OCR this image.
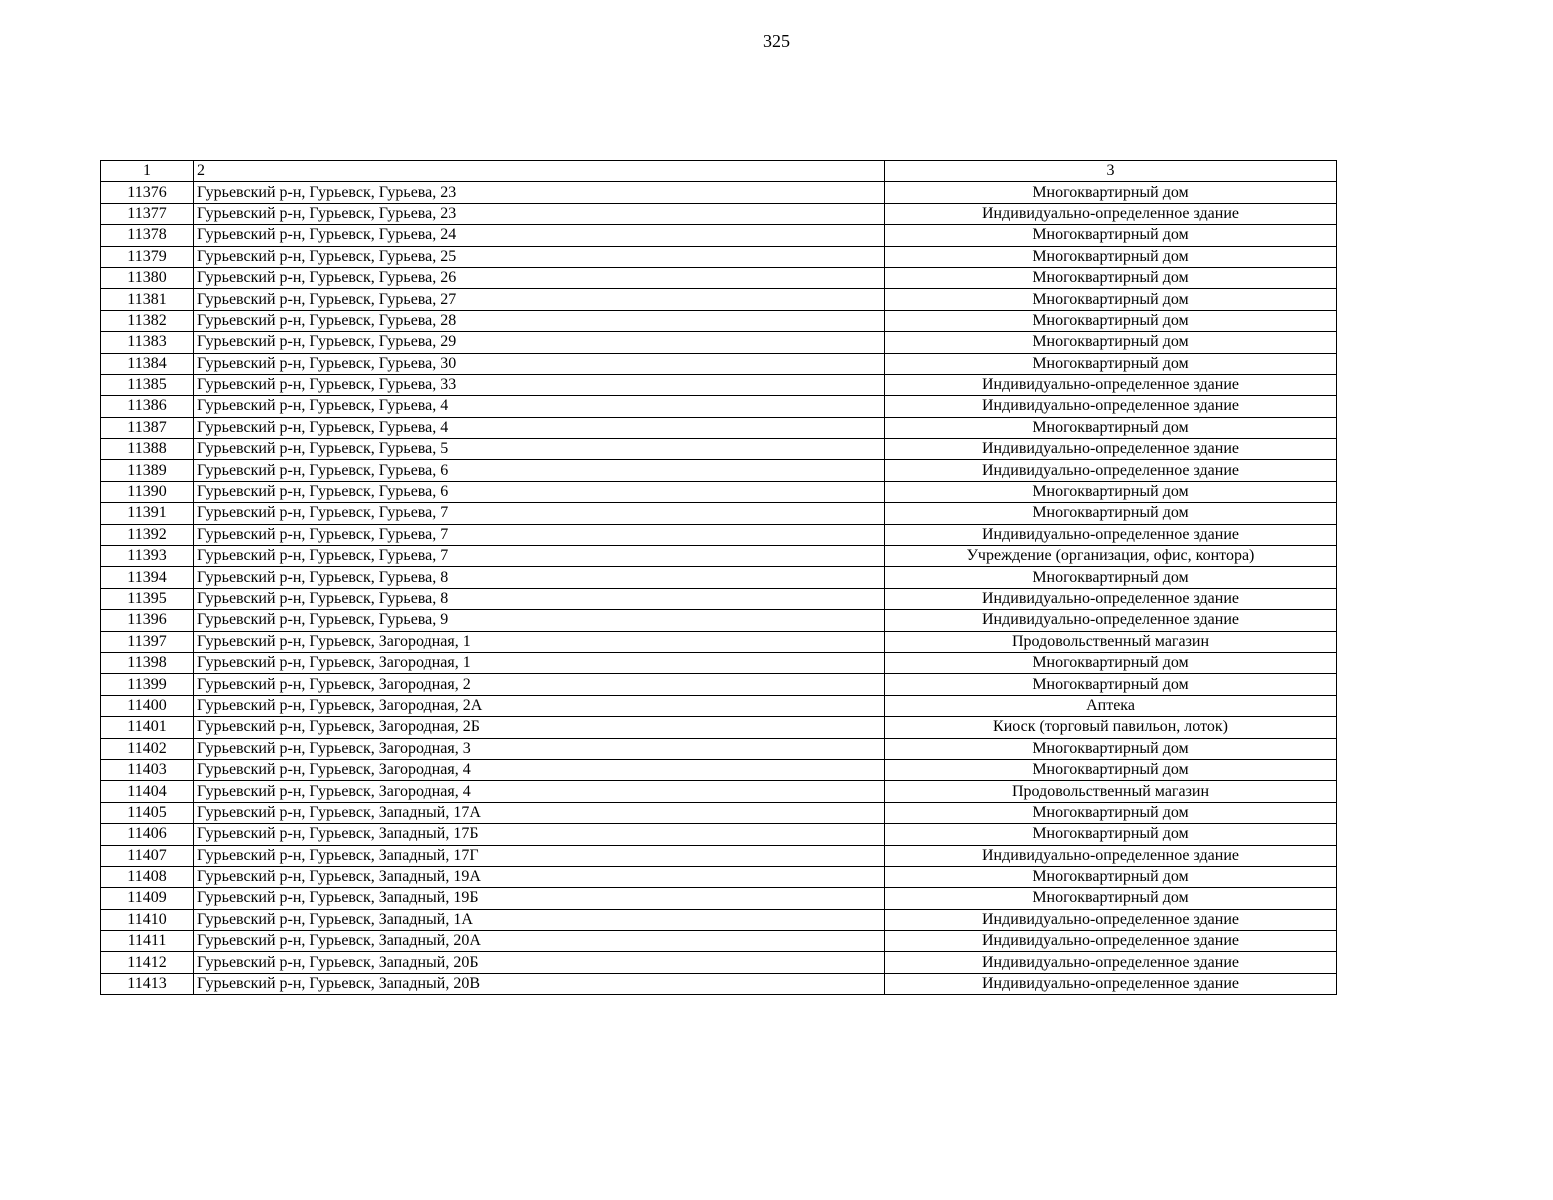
325
1	2	3
11376	Гурьевский р-н, Гурьевск, Гурьева, 23	Многоквартирный дом
11377	Гурьевский р-н, Гурьевск, Гурьева, 23	Индивидуально-определенное здание
11378	Гурьевский р-н, Гурьевск, Гурьева, 24	Многоквартирный дом
11379	Гурьевский р-н, Гурьевск, Гурьева, 25	Многоквартирный дом
11380	Гурьевский р-н, Гурьевск, Гурьева, 26	Многоквартирный дом
11381	Гурьевский р-н, Гурьевск, Гурьева, 27	Многоквартирный дом
11382	Гурьевский р-н, Гурьевск, Гурьева, 28	Многоквартирный дом
11383	Гурьевский р-н, Гурьевск, Гурьева, 29	Многоквартирный дом
11384	Гурьевский р-н, Гурьевск, Гурьева, 30	Многоквартирный дом
11385	Гурьевский р-н, Гурьевск, Гурьева, 33	Индивидуально-определенное здание
11386	Гурьевский р-н, Гурьевск, Гурьева, 4	Индивидуально-определенное здание
11387	Гурьевский р-н, Гурьевск, Гурьева, 4	Многоквартирный дом
11388	Гурьевский р-н, Гурьевск, Гурьева, 5	Индивидуально-определенное здание
11389	Гурьевский р-н, Гурьевск, Гурьева, 6	Индивидуально-определенное здание
11390	Гурьевский р-н, Гурьевск, Гурьева, 6	Многоквартирный дом
11391	Гурьевский р-н, Гурьевск, Гурьева, 7	Многоквартирный дом
11392	Гурьевский р-н, Гурьевск, Гурьева, 7	Индивидуально-определенное здание
11393	Гурьевский р-н, Гурьевск, Гурьева, 7	Учреждение (организация, офис, контора)
11394	Гурьевский р-н, Гурьевск, Гурьева, 8	Многоквартирный дом
11395	Гурьевский р-н, Гурьевск, Гурьева, 8	Индивидуально-определенное здание
11396	Гурьевский р-н, Гурьевск, Гурьева, 9	Индивидуально-определенное здание
11397	Гурьевский р-н, Гурьевск, Загородная, 1	Продовольственный магазин
11398	Гурьевский р-н, Гурьевск, Загородная, 1	Многоквартирный дом
11399	Гурьевский р-н, Гурьевск, Загородная, 2	Многоквартирный дом
11400	Гурьевский р-н, Гурьевск, Загородная, 2А	Аптека
11401	Гурьевский р-н, Гурьевск, Загородная, 2Б	Киоск (торговый павильон, лоток)
11402	Гурьевский р-н, Гурьевск, Загородная, 3	Многоквартирный дом
11403	Гурьевский р-н, Гурьевск, Загородная, 4	Многоквартирный дом
11404	Гурьевский р-н, Гурьевск, Загородная, 4	Продовольственный магазин
11405	Гурьевский р-н, Гурьевск, Западный, 17А	Многоквартирный дом
11406	Гурьевский р-н, Гурьевск, Западный, 17Б	Многоквартирный дом
11407	Гурьевский р-н, Гурьевск, Западный, 17Г	Индивидуально-определенное здание
11408	Гурьевский р-н, Гурьевск, Западный, 19А	Многоквартирный дом
11409	Гурьевский р-н, Гурьевск, Западный, 19Б	Многоквартирный дом
11410	Гурьевский р-н, Гурьевск, Западный, 1А	Индивидуально-определенное здание
11411	Гурьевский р-н, Гурьевск, Западный, 20А	Индивидуально-определенное здание
11412	Гурьевский р-н, Гурьевск, Западный, 20Б	Индивидуально-определенное здание
11413	Гурьевский р-н, Гурьевск, Западный, 20В	Индивидуально-определенное здание
